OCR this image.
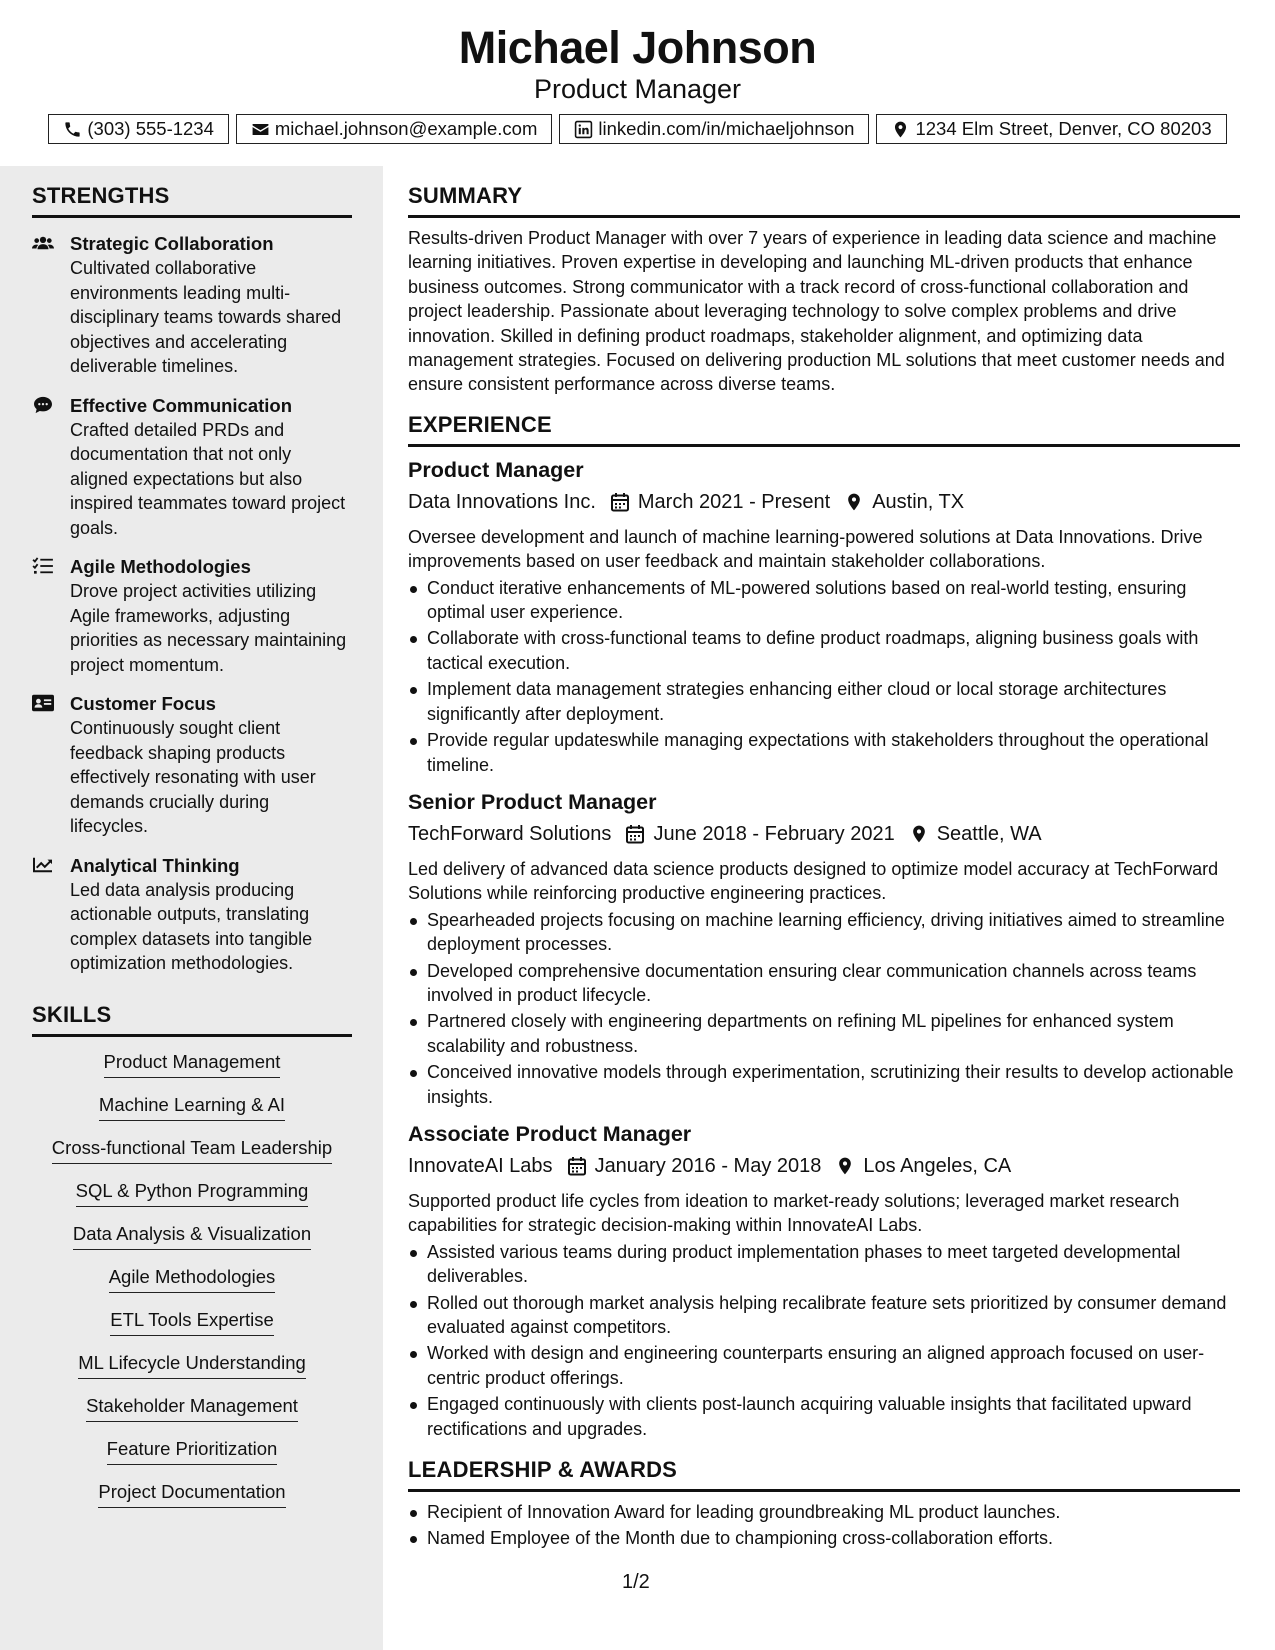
Michael Johnson
Product Manager
(303) 555-1234	michael.johnson@example.com	linkedin.com/in/michaeljohnson	1234 Elm Street, Denver, CO 80203
STRENGTHS
Strategic Collaboration
Cultivated collaborative environments leading multi-disciplinary teams towards shared objectives and accelerating deliverable timelines.
Effective Communication
Crafted detailed PRDs and documentation that not only aligned expectations but also inspired teammates toward project goals.
Agile Methodologies
Drove project activities utilizing Agile frameworks, adjusting priorities as necessary maintaining project momentum.
Customer Focus
Continuously sought client feedback shaping products effectively resonating with user demands crucially during lifecycles.
Analytical Thinking
Led data analysis producing actionable outputs, translating complex datasets into tangible optimization methodologies.
SKILLS
Product Management
Machine Learning & AI
Cross-functional Team Leadership
SQL & Python Programming
Data Analysis & Visualization
Agile Methodologies
ETL Tools Expertise
ML Lifecycle Understanding
Stakeholder Management
Feature Prioritization
Project Documentation
SUMMARY
Results-driven Product Manager with over 7 years of experience in leading data science and machine learning initiatives. Proven expertise in developing and launching ML-driven products that enhance business outcomes. Strong communicator with a track record of cross-functional collaboration and project leadership. Passionate about leveraging technology to solve complex problems and drive innovation. Skilled in defining product roadmaps, stakeholder alignment, and optimizing data management strategies. Focused on delivering production ML solutions that meet customer needs and ensure consistent performance across diverse teams.
EXPERIENCE
Product Manager
Data Innovations Inc. March 2021 - Present Austin, TX
Oversee development and launch of machine learning-powered solutions at Data Innovations. Drive improvements based on user feedback and maintain stakeholder collaborations.
Conduct iterative enhancements of ML-powered solutions based on real-world testing, ensuring optimal user experience.
Collaborate with cross-functional teams to define product roadmaps, aligning business goals with tactical execution.
Implement data management strategies enhancing either cloud or local storage architectures significantly after deployment.
Provide regular updateswhile managing expectations with stakeholders throughout the operational timeline.
Senior Product Manager
TechForward Solutions June 2018 - February 2021 Seattle, WA
Led delivery of advanced data science products designed to optimize model accuracy at TechForward Solutions while reinforcing productive engineering practices.
Spearheaded projects focusing on machine learning efficiency, driving initiatives aimed to streamline deployment processes.
Developed comprehensive documentation ensuring clear communication channels across teams involved in product lifecycle.
Partnered closely with engineering departments on refining ML pipelines for enhanced system scalability and robustness.
Conceived innovative models through experimentation, scrutinizing their results to develop actionable insights.
Associate Product Manager
InnovateAI Labs January 2016 - May 2018 Los Angeles, CA
Supported product life cycles from ideation to market-ready solutions; leveraged market research capabilities for strategic decision-making within InnovateAI Labs.
Assisted various teams during product implementation phases to meet targeted developmental deliverables.
Rolled out thorough market analysis helping recalibrate feature sets prioritized by consumer demand evaluated against competitors.
Worked with design and engineering counterparts ensuring an aligned approach focused on user-centric product offerings.
Engaged continuously with clients post-launch acquiring valuable insights that facilitated upward rectifications and upgrades.
LEADERSHIP & AWARDS
Recipient of Innovation Award for leading groundbreaking ML product launches.
Named Employee of the Month due to championing cross-collaboration efforts.
1/2
